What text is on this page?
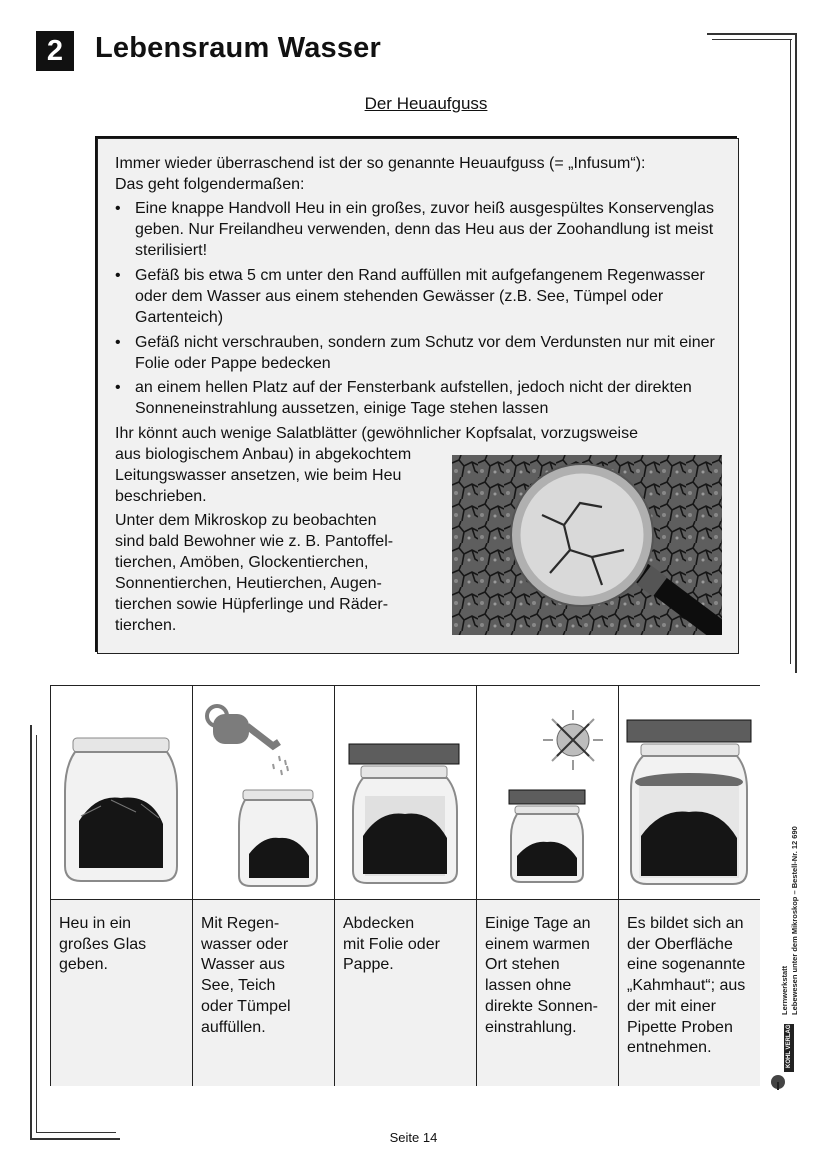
2	Lebensraum Wasser
Der Heuaufguss
Immer wieder überraschend ist der so genannte Heuaufguss (= „Infusum“):
Das geht folgendermaßen:
• Eine knappe Handvoll Heu in ein großes, zuvor heiß ausgespültes Konservenglas geben. Nur Freilandheu verwenden, denn das Heu aus der Zoohandlung ist meist sterilisiert!
• Gefäß bis etwa 5 cm unter den Rand auffüllen mit aufgefangenem Regenwasser oder dem Wasser aus einem stehenden Gewässer (z.B. See, Tümpel oder Gartenteich)
• Gefäß nicht verschrauben, sondern zum Schutz vor dem Verdunsten nur mit einer Folie oder Pappe bedecken
• an einem hellen Platz auf der Fensterbank aufstellen, jedoch nicht der direkten Sonneneinstrahlung aussetzen, einige Tage stehen lassen
Ihr könnt auch wenige Salatblätter (gewöhnlicher Kopfsalat, vorzugsweise
aus biologischem Anbau) in abgekochtem
Leitungswasser ansetzen, wie beim Heu
beschrieben.
Unter dem Mikroskop zu beobachten
sind bald Bewohner wie z. B. Pantoffel-
tierchen, Amöben, Glockentierchen,
Sonnentierchen, Heutierchen, Augen-
tierchen sowie Hüpferlinge und Räder-
tierchen.
Heu in ein
großes Glas
geben.
Mit Regen-
wasser oder
Wasser aus
See, Teich
oder Tümpel
auffüllen.
Abdecken
mit Folie oder
Pappe.
Einige Tage an
einem warmen
Ort stehen
lassen ohne
direkte Sonnen-
einstrahlung.
Es bildet sich an
der Oberfläche
eine sogenannte
„Kahmhaut“; aus
der mit einer
Pipette Proben
entnehmen.
Lernwerkstatt Lebewesen unter dem Mikroskop – Bestell-Nr. 12 690
KOHL VERLAG
Seite 14
